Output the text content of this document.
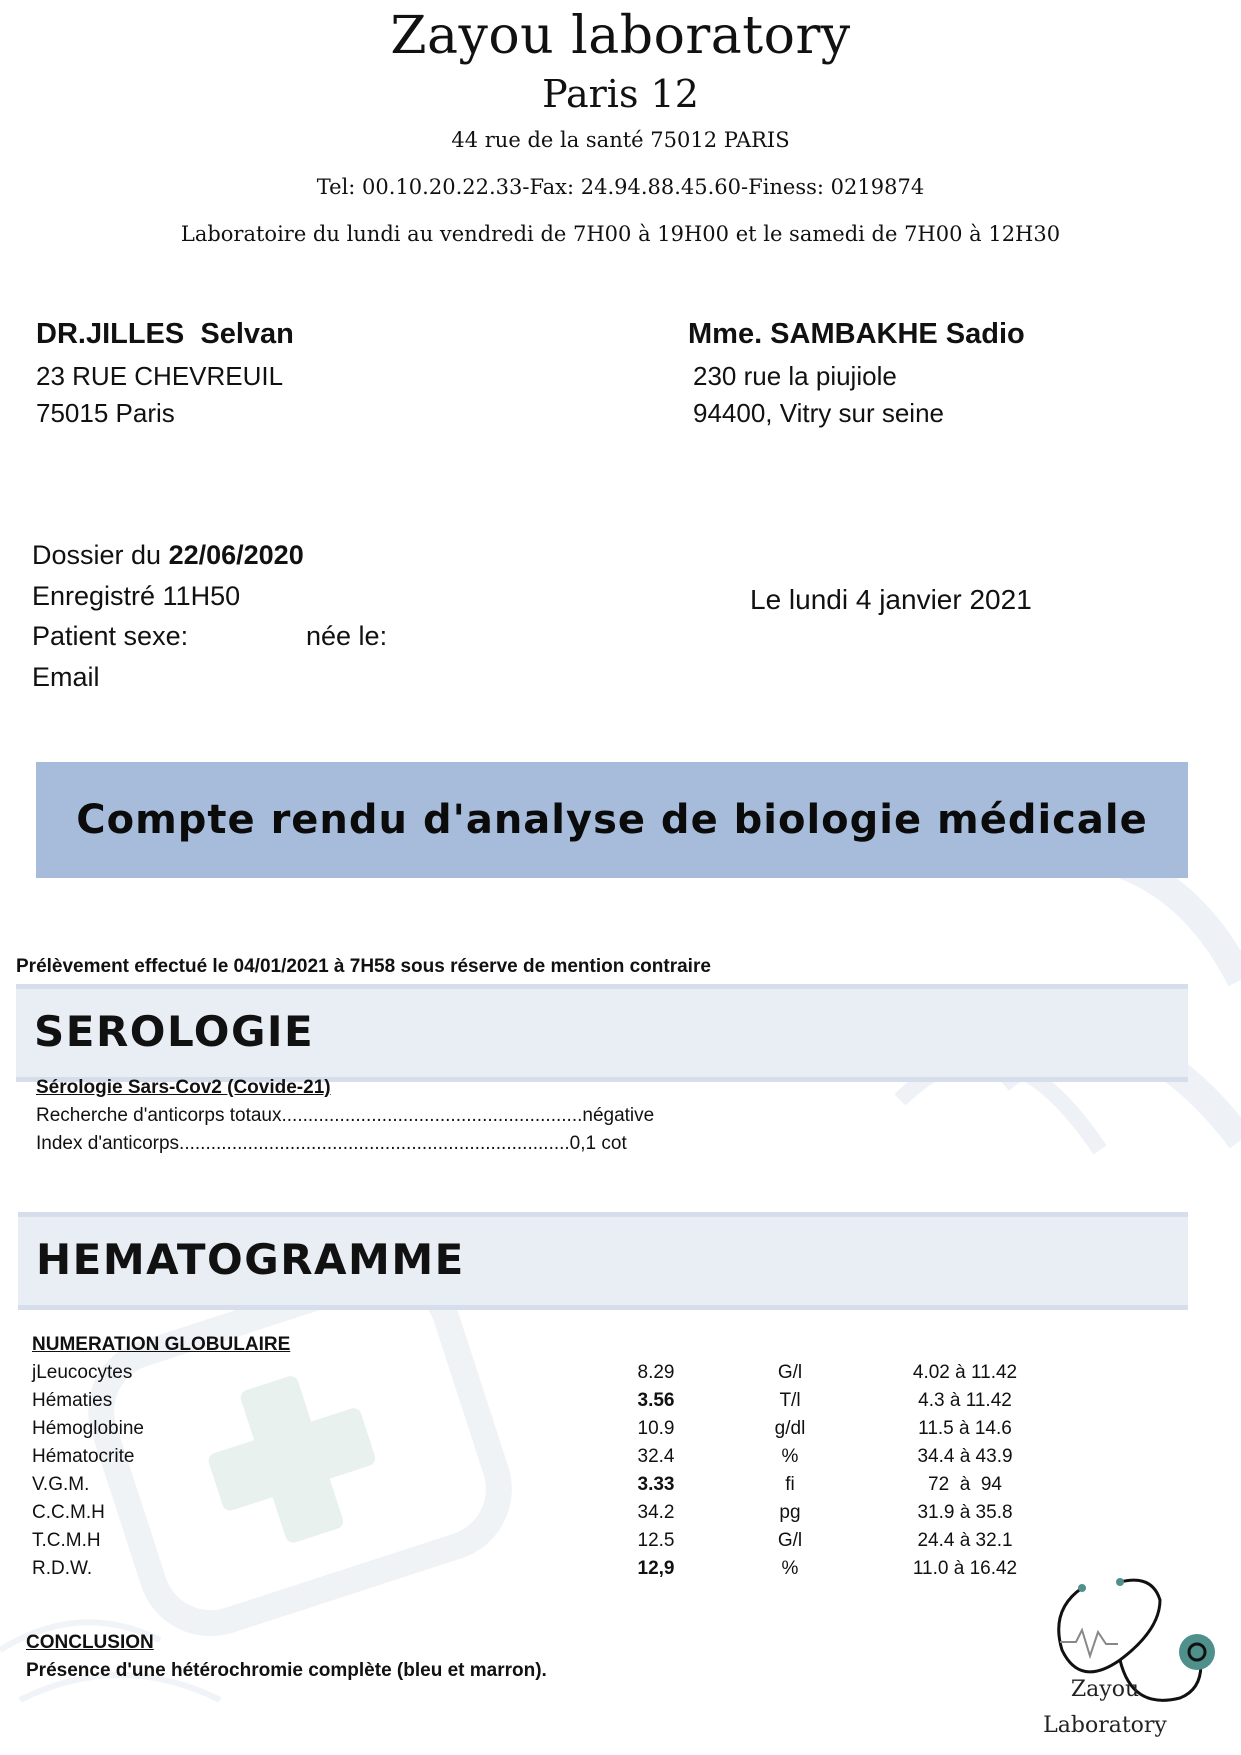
Zayou laboratory
Paris 12
44 rue de la santé 75012 PARIS
Tel: 00.10.20.22.33-Fax: 24.94.88.45.60-Finess: 0219874
Laboratoire du lundi au vendredi de 7H00 à 19H00 et le samedi de 7H00 à 12H30
DR.JILLES  Selvan
23 RUE CHEVREUIL
75015 Paris
Mme. SAMBAKHE Sadio
230 rue la piujiole
94400, Vitry sur seine
Dossier du 22/06/2020
Enregistré 11H50
Patient sexe:	née le:
Email
Le lundi 4 janvier 2021
Compte rendu d'analyse de biologie médicale
Prélèvement effectué le 04/01/2021 à 7H58 sous réserve de mention contraire
SEROLOGIE
Sérologie Sars-Cov2 (Covide-21)
Recherche d'anticorps totaux.........................................................négative
Index d'anticorps..........................................................................0,1 cot
HEMATOGRAMME
NUMERATION GLOBULAIRE
jLeucocytes	8.29	G/l	4.02 à 11.42
Hématies	3.56	T/l	4.3 à 11.42
Hémoglobine	10.9	g/dl	11.5 à 14.6
Hématocrite	32.4	%	34.4 à 43.9
V.G.M.	3.33	fi	72  à  94
C.C.M.H	34.2	pg	31.9 à 35.8
T.C.M.H	12.5	G/l	24.4 à 32.1
R.D.W.	12,9	%	11.0 à 16.42
CONCLUSION
Présence d'une hétérochromie complète (bleu et marron).
Zayou
Laboratory
